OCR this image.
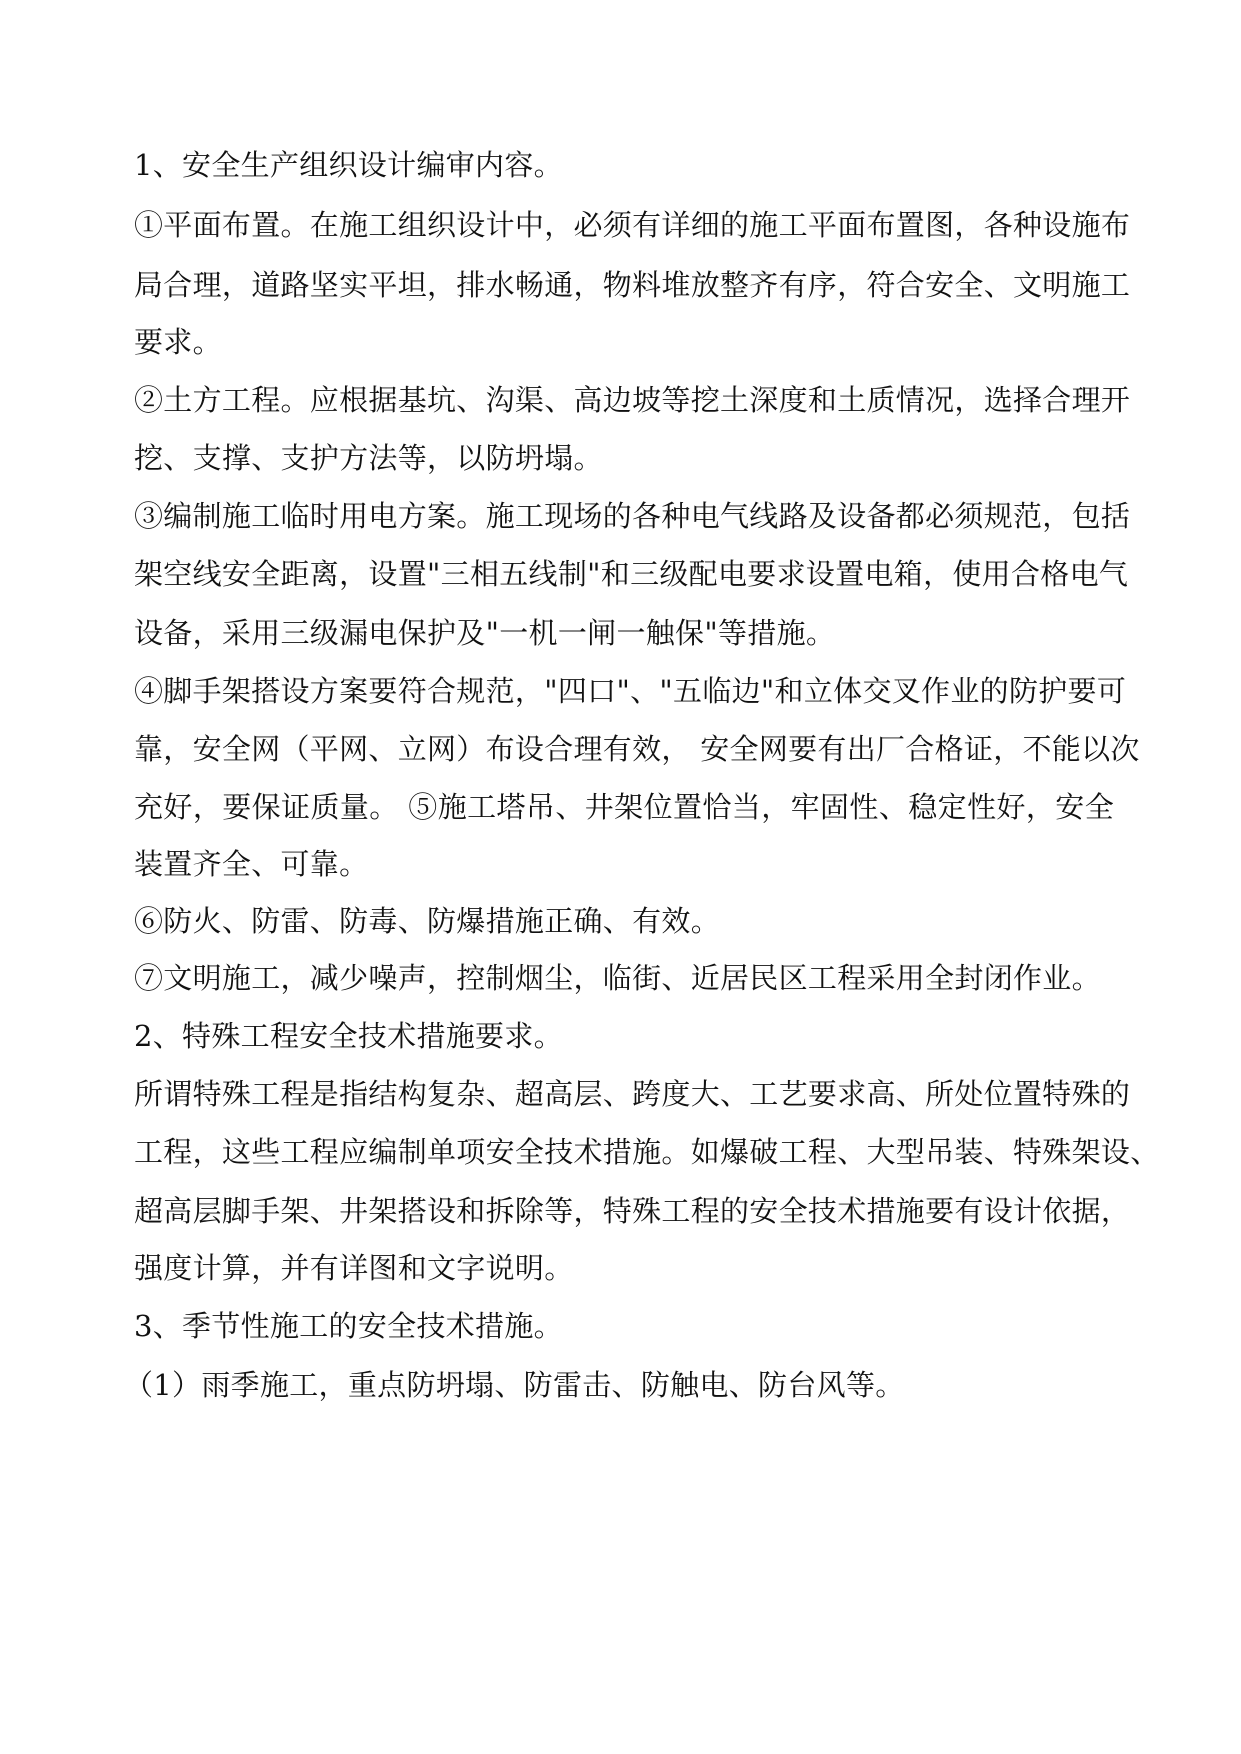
1、安全生产组织设计编审内容。
①平面布置。在施工组织设计中，必须有详细的施工平面布置图，各种设施布
局合理，道路坚实平坦，排水畅通，物料堆放整齐有序，符合安全、文明施工
要求。
②土方工程。应根据基坑、沟渠、高边坡等挖土深度和土质情况，选择合理开
挖、支撑、支护方法等，以防坍塌。
③编制施工临时用电方案。施工现场的各种电气线路及设备都必须规范，包括
架空线安全距离，设置"三相五线制"和三级配电要求设置电箱，使用合格电气
设备，采用三级漏电保护及"一机一闸一触保"等措施。
④脚手架搭设方案要符合规范，"四口"、"五临边"和立体交叉作业的防护要可
靠，安全网（平网、立网）布设合理有效， 安全网要有出厂合格证，不能以次
充好，要保证质量。 ⑤施工塔吊、井架位置恰当，牢固性、稳定性好，安全
装置齐全、可靠。
⑥防火、防雷、防毒、防爆措施正确、有效。
⑦文明施工，减少噪声，控制烟尘，临街、近居民区工程采用全封闭作业。
2、特殊工程安全技术措施要求。
所谓特殊工程是指结构复杂、超高层、跨度大、工艺要求高、所处位置特殊的
工程，这些工程应编制单项安全技术措施。如爆破工程、大型吊装、特殊架设、
超高层脚手架、井架搭设和拆除等，特殊工程的安全技术措施要有设计依据，
强度计算，并有详图和文字说明。
3、季节性施工的安全技术措施。
（1）雨季施工，重点防坍塌、防雷击、防触电、防台风等。
